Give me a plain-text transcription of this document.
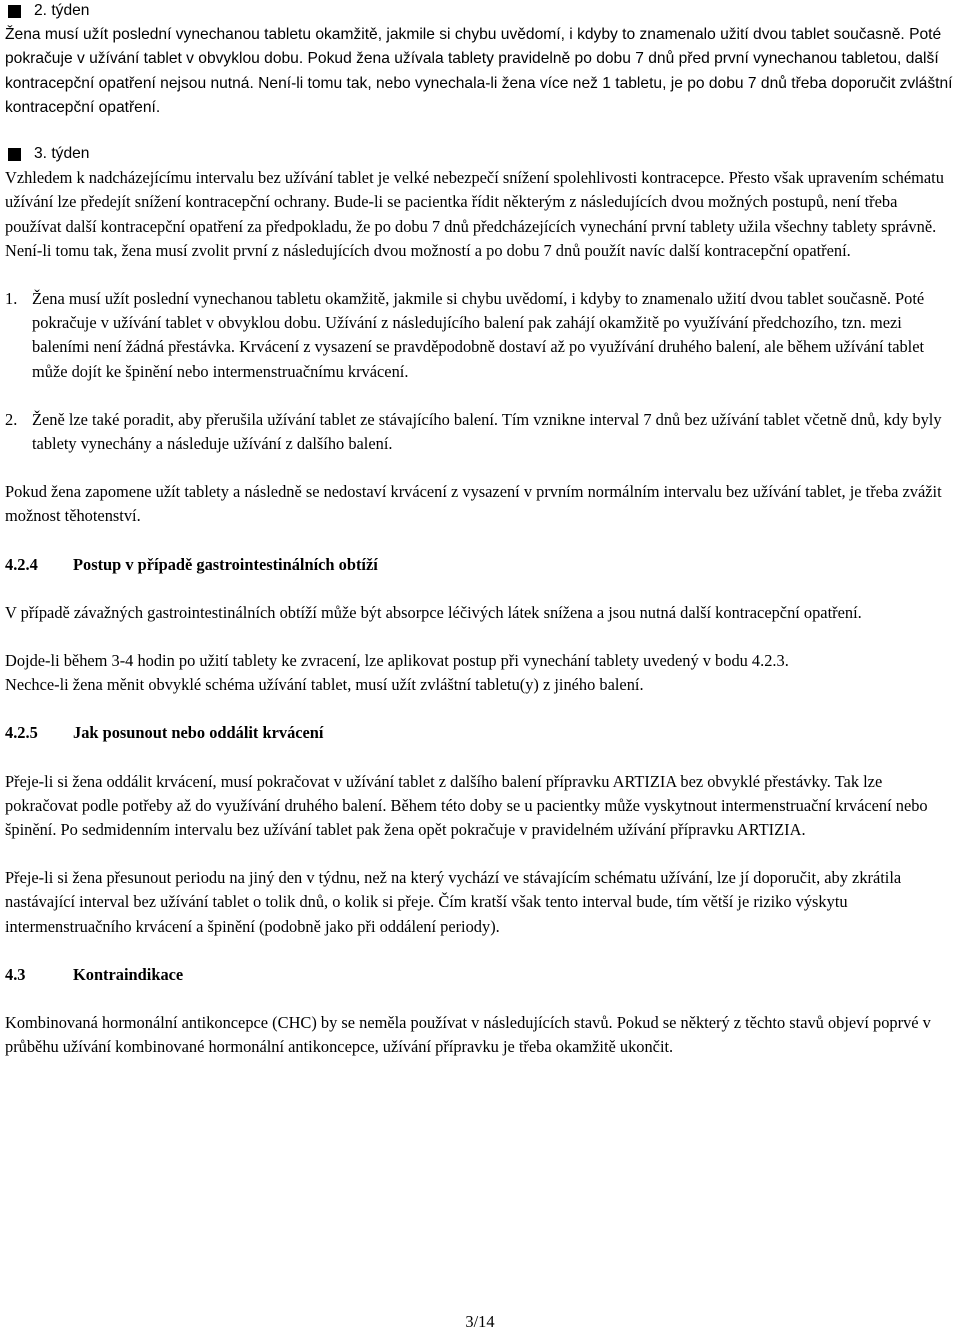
2. týden

Žena musí užít poslední vynechanou tabletu okamžitě, jakmile si chybu uvědomí, i kdyby to znamenalo užití dvou tablet současně. Poté pokračuje v užívání tablet v obvyklou dobu. Pokud žena užívala tablety pravidelně po dobu 7 dnů před první vynechanou tabletou, další kontracepční opatření nejsou nutná. Není-li tomu tak, nebo vynechala-li žena více než 1 tabletu, je po dobu 7 dnů třeba doporučit zvláštní kontracepční opatření.

3. týden

Vzhledem k nadcházejícímu intervalu bez užívání tablet je velké nebezpečí snížení spolehlivosti kontracepce. Přesto však upravením schématu užívání lze předejít snížení kontracepční ochrany. Bude-li se pacientka řídit některým z následujících dvou možných postupů, není třeba používat další kontracepční opatření za předpokladu, že po dobu 7 dnů předcházejících vynechání první tablety užila všechny tablety správně. Není-li tomu tak, žena musí zvolit první z následujících dvou možností a po dobu 7 dnů použít navíc další kontracepční opatření.

1. Žena musí užít poslední vynechanou tabletu okamžitě, jakmile si chybu uvědomí, i kdyby to znamenalo užití dvou tablet současně. Poté pokračuje v užívání tablet v obvyklou dobu. Užívání z následujícího balení pak zahájí okamžitě po využívání předchozího, tzn. mezi baleními není žádná přestávka. Krvácení z vysazení se pravděpodobně dostaví až po využívání druhého balení, ale během užívání tablet může dojít ke špinění nebo intermenstruačnímu krvácení.
2. Ženě lze také poradit, aby přerušila užívání tablet ze stávajícího balení. Tím vznikne interval 7 dnů bez užívání tablet včetně dnů, kdy byly tablety vynechány a následuje užívání z dalšího balení.

Pokud žena zapomene užít tablety a následně se nedostaví krvácení z vysazení v prvním normálním intervalu bez užívání tablet, je třeba zvážit možnost těhotenství.

4.2.4	Postup v případě gastrointestinálních obtíží

V případě závažných gastrointestinálních obtíží může být absorpce léčivých látek snížena a jsou nutná další kontracepční opatření.

Dojde-li během 3-4 hodin po užití tablety ke zvracení, lze aplikovat postup při vynechání tablety uvedený v bodu 4.2.3.
Nechce-li žena měnit obvyklé schéma užívání tablet, musí užít zvláštní tabletu(y) z jiného balení.

4.2.5	Jak posunout nebo oddálit krvácení

Přeje-li si žena oddálit krvácení, musí pokračovat v užívání tablet z dalšího balení přípravku ARTIZIA bez obvyklé přestávky. Tak lze pokračovat podle potřeby až do využívání druhého balení. Během této doby se u pacientky může vyskytnout intermenstruační krvácení nebo špinění. Po sedmidenním intervalu bez užívání tablet pak žena opět pokračuje v pravidelném užívání přípravku ARTIZIA.

Přeje-li si žena přesunout periodu na jiný den v týdnu, než na který vychází ve stávajícím schématu užívání, lze jí doporučit, aby zkrátila nastávající interval bez užívání tablet o tolik dnů, o kolik si přeje. Čím kratší však tento interval bude, tím větší je riziko výskytu intermenstruačního krvácení a špinění (podobně jako při oddálení periody).

4.3	Kontraindikace

Kombinovaná hormonální antikoncepce (CHC) by se neměla používat v následujících stavů. Pokud se některý z těchto stavů objeví poprvé v průběhu užívání kombinované hormonální antikoncepce, užívání přípravku je třeba okamžitě ukončit.

3/14
